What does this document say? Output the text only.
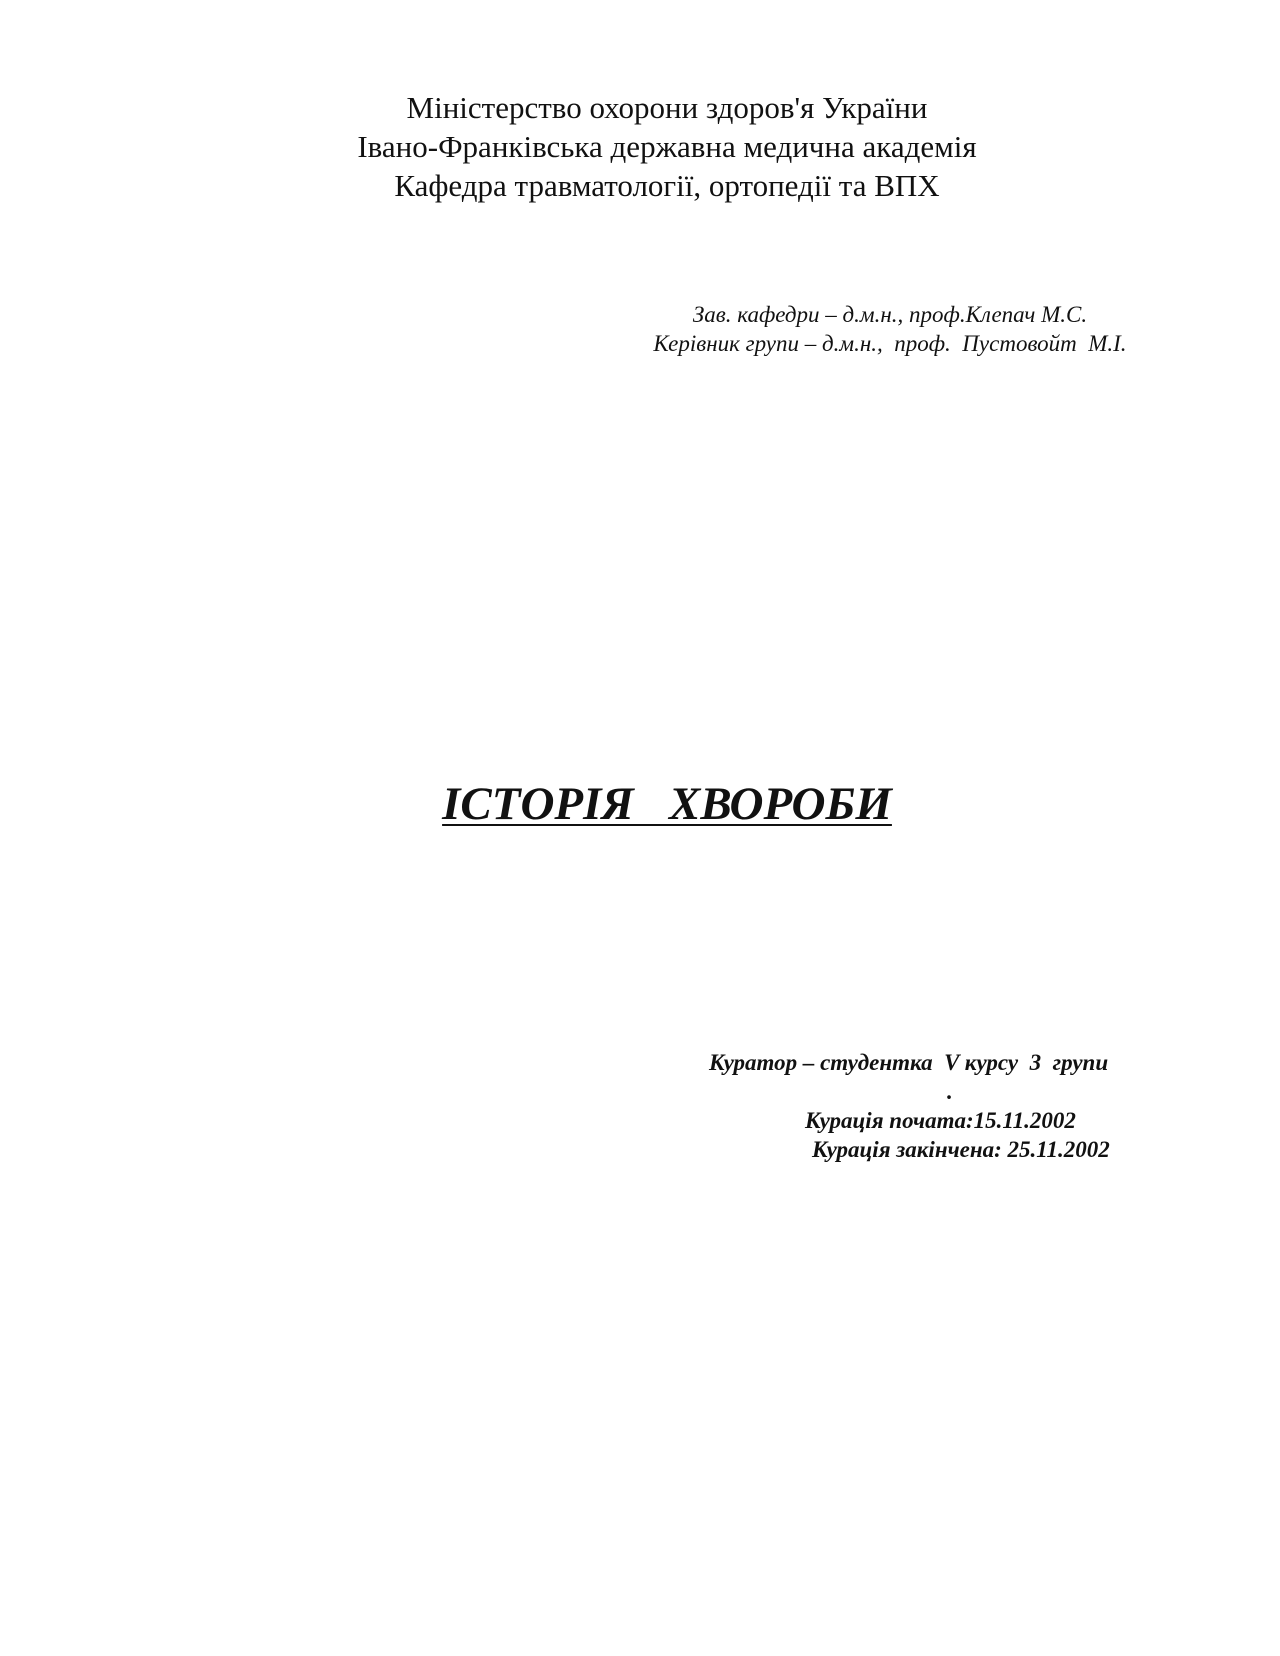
Міністерство охорони здоров'я України
Івано-Франківська державна медична академія
Кафедра травматології, ортопедії та ВПХ
Зав. кафедри – д.м.н., проф.Клепач М.С.
Керівник групи – д.м.н.,  проф.  Пустовойт  М.І.
ІСТОРІЯ   ХВОРОБИ
Куратор – студентка  V курсу  3  групи
.
Курація почата:15.11.2002
Курація закінчена: 25.11.2002
